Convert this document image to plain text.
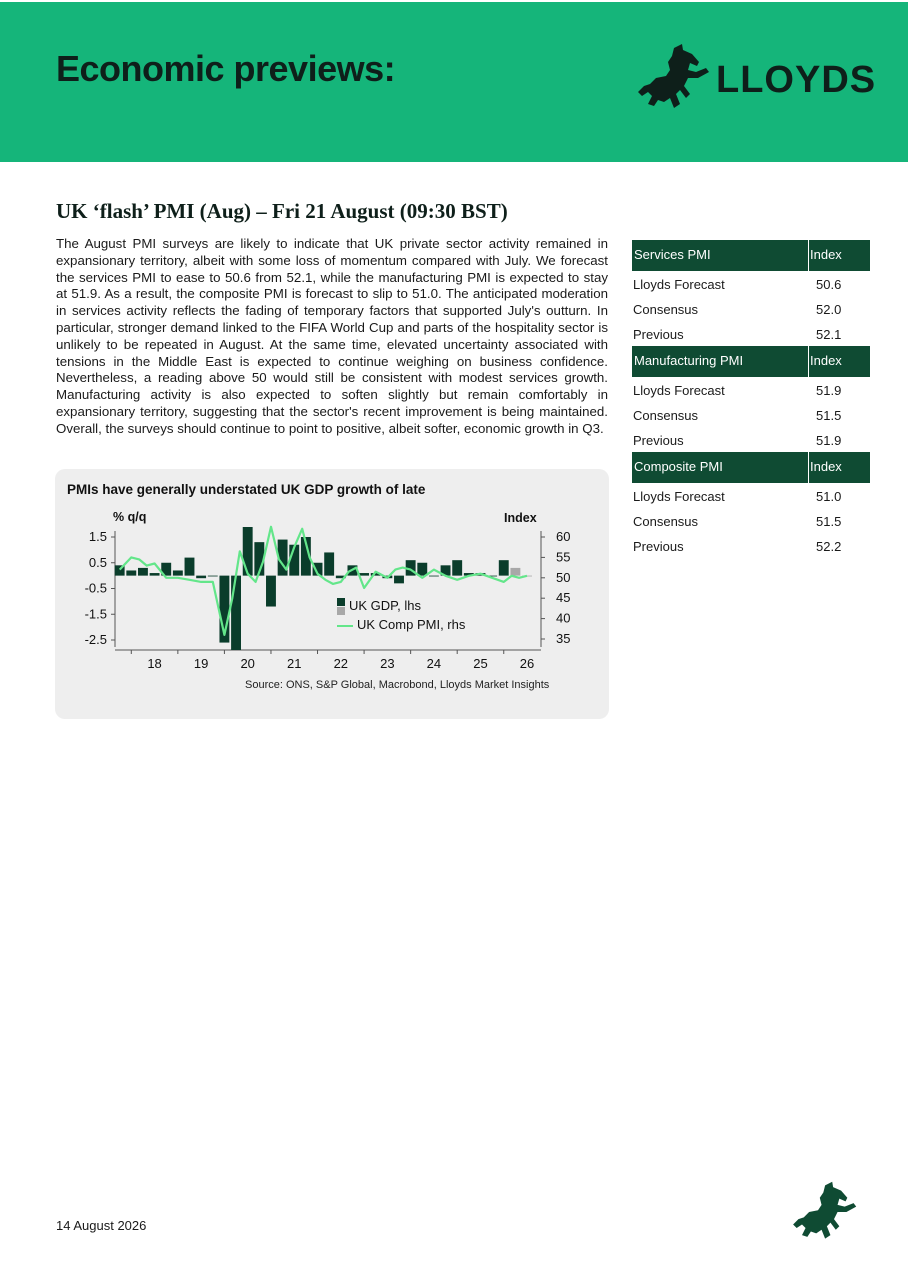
Economic previews:	LLOYDS
UK ‘flash’ PMI (Aug) – Fri 21 August (09:30 BST)
The August PMI surveys are likely to indicate that UK private sector activity remained in expansionary territory, albeit with some loss of momentum compared with July. We forecast the services PMI to ease to 50.6 from 52.1, while the manufacturing PMI is expected to stay at 51.9. As a result, the composite PMI is forecast to slip to 51.0. The anticipated moderation in services activity reflects the fading of temporary factors that supported July's outturn. In particular, stronger demand linked to the FIFA World Cup and parts of the hospitality sector is unlikely to be repeated in August. At the same time, elevated uncertainty associated with tensions in the Middle East is expected to continue weighing on business confidence. Nevertheless, a reading above 50 would still be consistent with modest services growth. Manufacturing activity is also expected to soften slightly but remain comfortably in expansionary territory, suggesting that the sector's recent improvement is being maintained. Overall, the surveys should continue to point to positive, albeit softer, economic growth in Q3.
1.5
0.5
-0.5
-1.5
-2.5
60
55
50
45
40
35
18 19 20 21 22 23 24 25 26
PMIs have generally understated UK GDP growth of late
% q/q	Index
UK GDP, lhs
UK Comp PMI, rhs
Source: ONS, S&P Global, Macrobond, Lloyds Market Insights
Services PMI	Index
Lloyds Forecast	50.6
Consensus	52.0
Previous	52.1
Manufacturing PMI	Index
Lloyds Forecast	51.9
Consensus	51.5
Previous	51.9
Composite PMI	Index
Lloyds Forecast	51.0
Consensus	51.5
Previous	52.2
14 August 2026
